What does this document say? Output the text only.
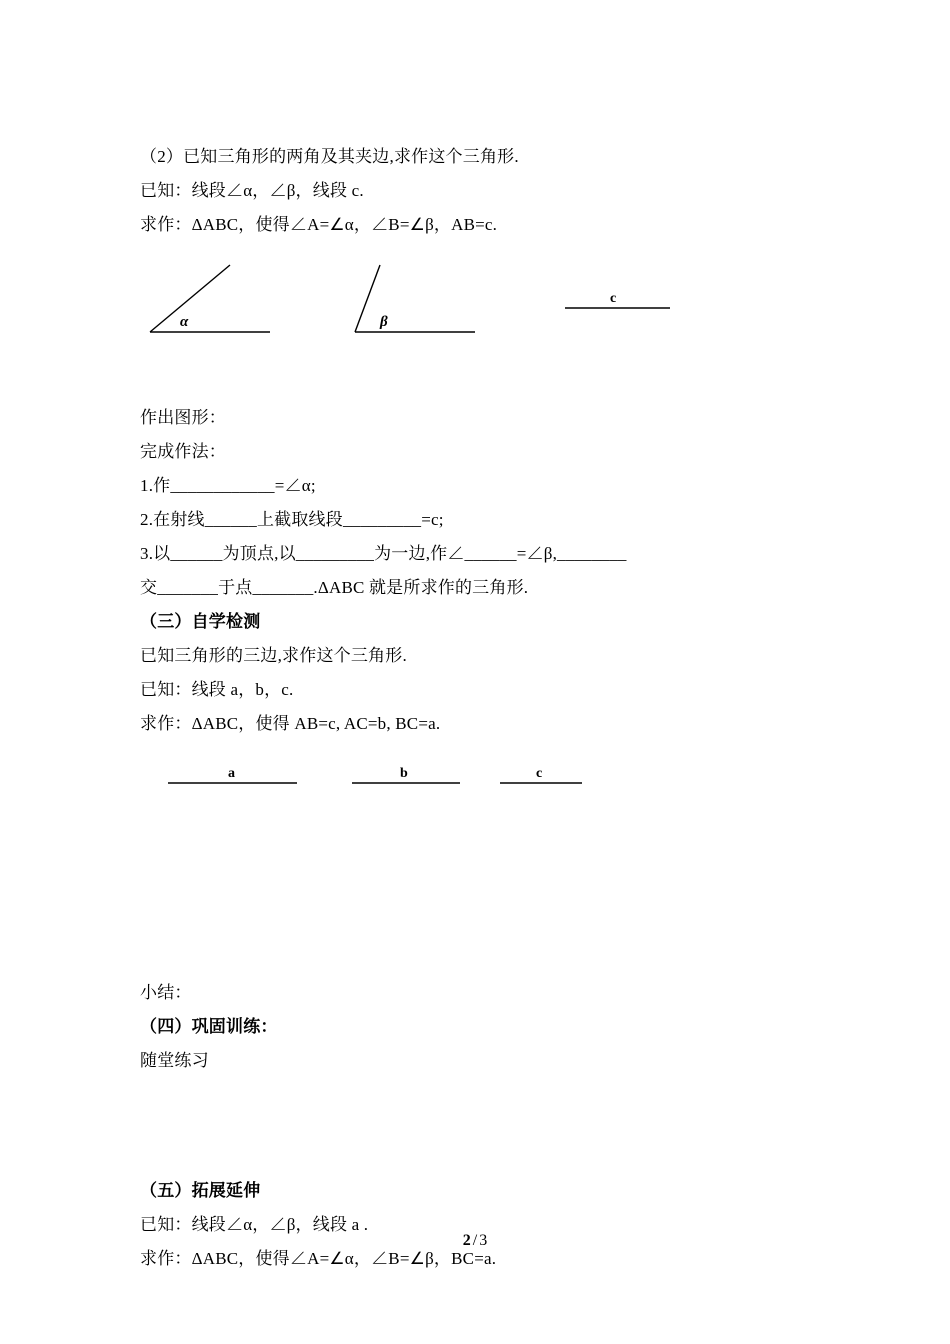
（2）已知三角形的两角及其夹边,求作这个三角形.
已知：线段∠α，∠β，线段 c.
求作：ΔABC，使得∠A=∠α，∠B=∠β，AB=c.
α	β
c
作出图形：
完成作法：
1.作____________=∠α;
2.在射线______上截取线段_________=c;
3.以______为顶点,以_________为一边,作∠______=∠β,________
交_______于点_______.ΔABC 就是所求作的三角形.
（三）自学检测
已知三角形的三边,求作这个三角形.
已知：线段 a，b，c.
求作：ΔABC，使得 AB=c, AC=b, BC=a.
a	b	c
小结：
（四）巩固训练：
随堂练习
（五）拓展延伸
已知：线段∠α，∠β，线段 a .
求作：ΔABC，使得∠A=∠α，∠B=∠β，BC=a.
2 / 3
